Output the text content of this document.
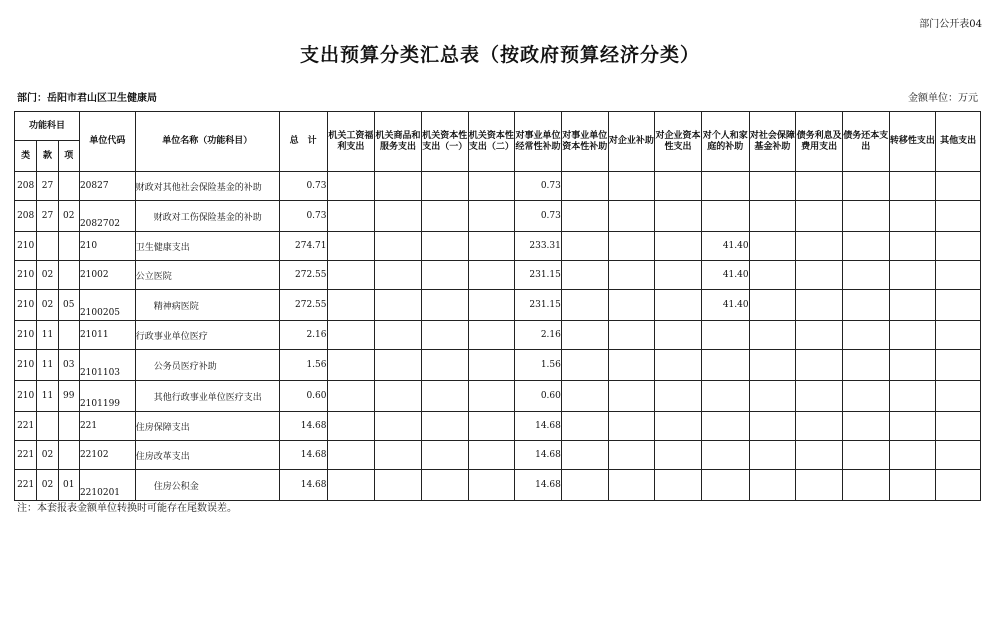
部门公开表04
支出预算分类汇总表（按政府预算经济分类）
部门：岳阳市君山区卫生健康局	金额单位：万元
功能科目			单位代码	单位名称（功能科目）	总　计	机关工资福利支出	机关商品和服务支出	机关资本性支出（一）	机关资本性支出（二）	对事业单位经常性补助	对事业单位资本性补助	对企业补助	对企业资本性支出	对个人和家庭的补助	对社会保障基金补助	债务利息及费用支出	债务还本支出	转移性支出	其他支出
类	款	项																	
208	27		20827	财政对其他社会保险基金的补助	0.73					0.73									
208	27	02	2082702	财政对工伤保险基金的补助	0.73					0.73									
210			210	卫生健康支出	274.71					233.31				41.40					
210	02		21002	公立医院	272.55					231.15				41.40					
210	02	05	2100205	精神病医院	272.55					231.15				41.40					
210	11		21011	行政事业单位医疗	2.16					2.16									
210	11	03	2101103	公务员医疗补助	1.56					1.56									
210	11	99	2101199	其他行政事业单位医疗支出	0.60					0.60									
221			221	住房保障支出	14.68					14.68									
221	02		22102	住房改革支出	14.68					14.68									
221	02	01	2210201	住房公积金	14.68					14.68									
注：本套报表金额单位转换时可能存在尾数误差。
